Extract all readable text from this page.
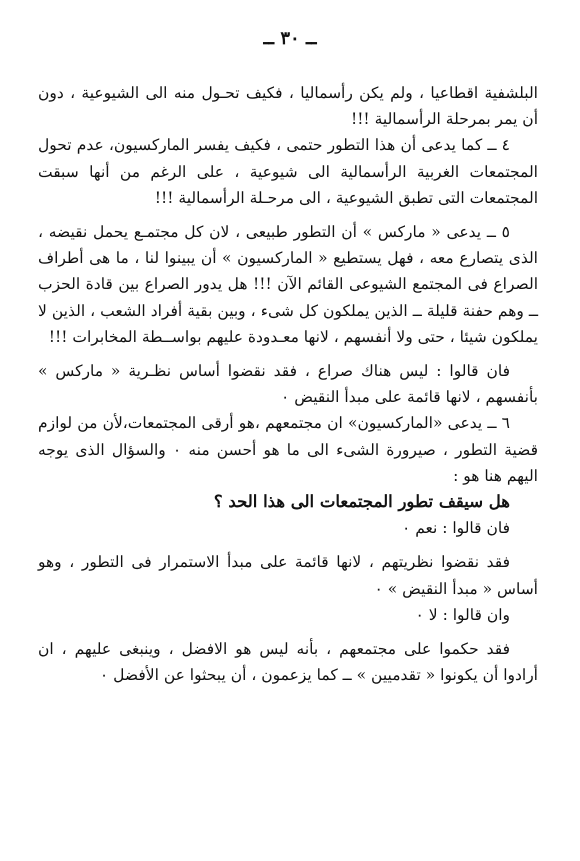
ــ ٣٠ ــ

البلشفية اقطاعيا ، ولم يكن رأسماليا ، فكيف تحـول منه الى الشيوعية ، دون أن يمر بمرحلة الرأسمالية !!!

٤ ــ كما يدعى أن هذا التطور حتمى ، فكيف يفسر الماركسيون، عدم تحول المجتمعات الغربية الرأسمالية الى شيوعية ، على الرغم من أنها سبقت المجتمعات التى تطبق الشيوعية ، الى مرحـلة الرأسمالية !!!

٥ ــ يدعى « ماركس » أن التطور طبيعى ، لان كل مجتمـع يحمل نقيضه ، الذى يتصارع معه ، فهل يستطيع « الماركسيون » أن يبينوا لنا ، ما هى أطراف الصراع فى المجتمع الشيوعى القائم الآن !!! هل يدور الصراع بين قادة الحزب ــ وهم حفنة قليلة ــ الذين يملكون كل شىء ، وبين بقية أفراد الشعب ، الذين لا يملكون شيئا ، حتى ولا أنفسهم ، لانها معـدودة عليهم بواســطة المخابرات !!!

فان قالوا : ليس هناك صراع ، فقد نقضوا أساس نظـرية « ماركس » بأنفسهم ، لانها قائمة على مبدأ النقيض ٠

٦ ــ يدعى «الماركسيون» ان مجتمعهم ،هو أرقى المجتمعات،لأن من لوازم قضية التطور ، صيرورة الشىء الى ما هو أحسن منه ٠ والسؤال الذى يوجه اليهم هنا هو :

هل سيقف تطور المجتمعات الى هذا الحد ؟

فان قالوا : نعم ٠

فقد نقضوا نظريتهم ، لانها قائمة على مبدأ الاستمرار فى التطور ، وهو أساس « مبدأ النقيض » ٠

وان قالوا : لا ٠

فقد حكموا على مجتمعهم ، بأنه ليس هو الافضل ، وينبغى عليهم ، ان أرادوا أن يكونوا « تقدميين » ــ كما يزعمون ، أن يبحثوا عن الأفضل ٠
